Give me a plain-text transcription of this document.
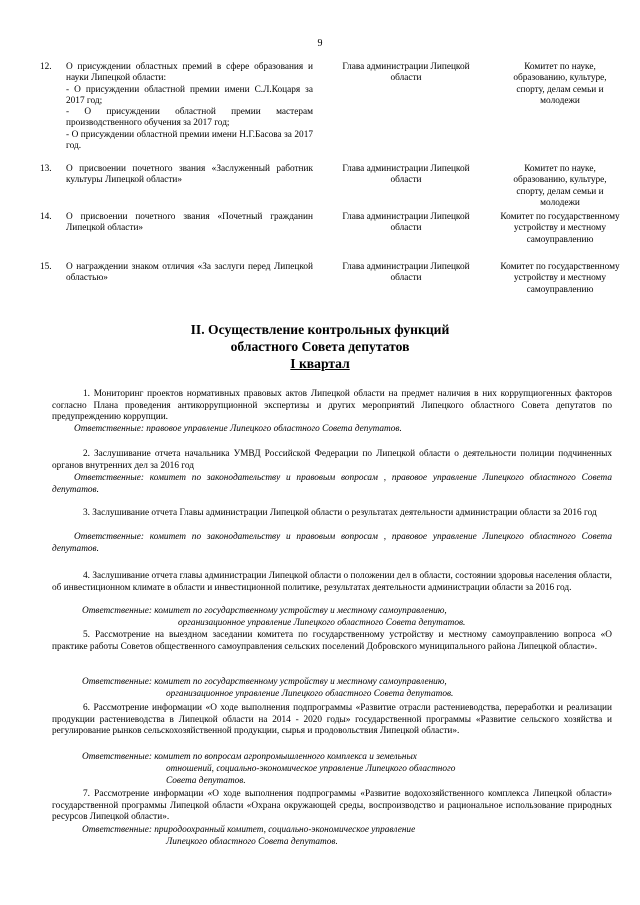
9
12. О присуждении областных премий в сфере образования и науки Липецкой области:
- О присуждении областной премии имени С.Л.Коцаря за 2017 год;
- О присуждении областной премии мастерам производственного обучения за 2017 год;
- О присуждении областной премии имени Н.Г.Басова за 2017 год.
Глава администрации Липецкой области
Комитет по науке, образованию, культуре, спорту, делам семьи и молодежи
13. О присвоении почетного звания «Заслуженный работник культуры Липецкой области»
Глава администрации Липецкой области
Комитет по науке, образованию, культуре, спорту, делам семьи и молодежи
14. О присвоении почетного звания «Почетный гражданин Липецкой области»
Глава администрации Липецкой области
Комитет по государственному устройству и местному самоуправлению
15. О награждении знаком отличия «За заслуги перед Липецкой областью»
Глава администрации Липецкой области
Комитет по государственному устройству и местному самоуправлению
II. Осуществление контрольных функций
областного Совета депутатов
I квартал
1. Мониторинг проектов нормативных правовых актов Липецкой области на предмет наличия в них коррупциогенных факторов согласно Плана проведения антикоррупционной экспертизы и других мероприятий Липецкого областного Совета депутатов по предупреждению коррупции.
Ответственные: правовое управление Липецкого областного Совета депутатов.
2. Заслушивание отчета начальника УМВД Российской Федерации по Липецкой области о деятельности полиции подчиненных органов внутренних дел за 2016 год
Ответственные: комитет по законодательству и правовым вопросам , правовое управление Липецкого областного Совета депутатов.
3. Заслушивание отчета Главы администрации Липецкой области о результатах деятельности администрации области за 2016 год
Ответственные: комитет по законодательству и правовым вопросам , правовое управление Липецкого областного Совета депутатов.
4. Заслушивание отчета главы администрации Липецкой области о положении дел в области, состоянии здоровья населения области, об инвестиционном климате в области и инвестиционной политике, результатах деятельности администрации области за 2016 год.
Ответственные: комитет по государственному устройству и местному самоуправлению,
организационное управление Липецкого областного Совета депутатов.
5. Рассмотрение на выездном заседании комитета по государственному устройству и местному самоуправлению вопроса «О практике работы Советов общественного самоуправления сельских поселений Добровского муниципального района Липецкой области».
Ответственные: комитет по государственному устройству и местному самоуправлению,
организационное управление Липецкого областного Совета депутатов.
6. Рассмотрение информации «О ходе выполнения подпрограммы «Развитие отрасли растениеводства, переработки и реализации продукции растениеводства в Липецкой области на 2014 - 2020 годы» государственной программы «Развитие сельского хозяйства и регулирование рынков сельскохозяйственной продукции, сырья и продовольствия Липецкой области».
Ответственные: комитет по вопросам агропромышленного комплекса и земельных
отношений, социально-экономическое управление Липецкого областного
Совета депутатов.
7. Рассмотрение информации «О ходе выполнения подпрограммы «Развитие водохозяйственного комплекса Липецкой области» государственной программы Липецкой области «Охрана окружающей среды, воспроизводство и рациональное использование природных ресурсов Липецкой области».
Ответственные: природоохранный комитет, социально-экономическое управление
Липецкого областного Совета депутатов.
